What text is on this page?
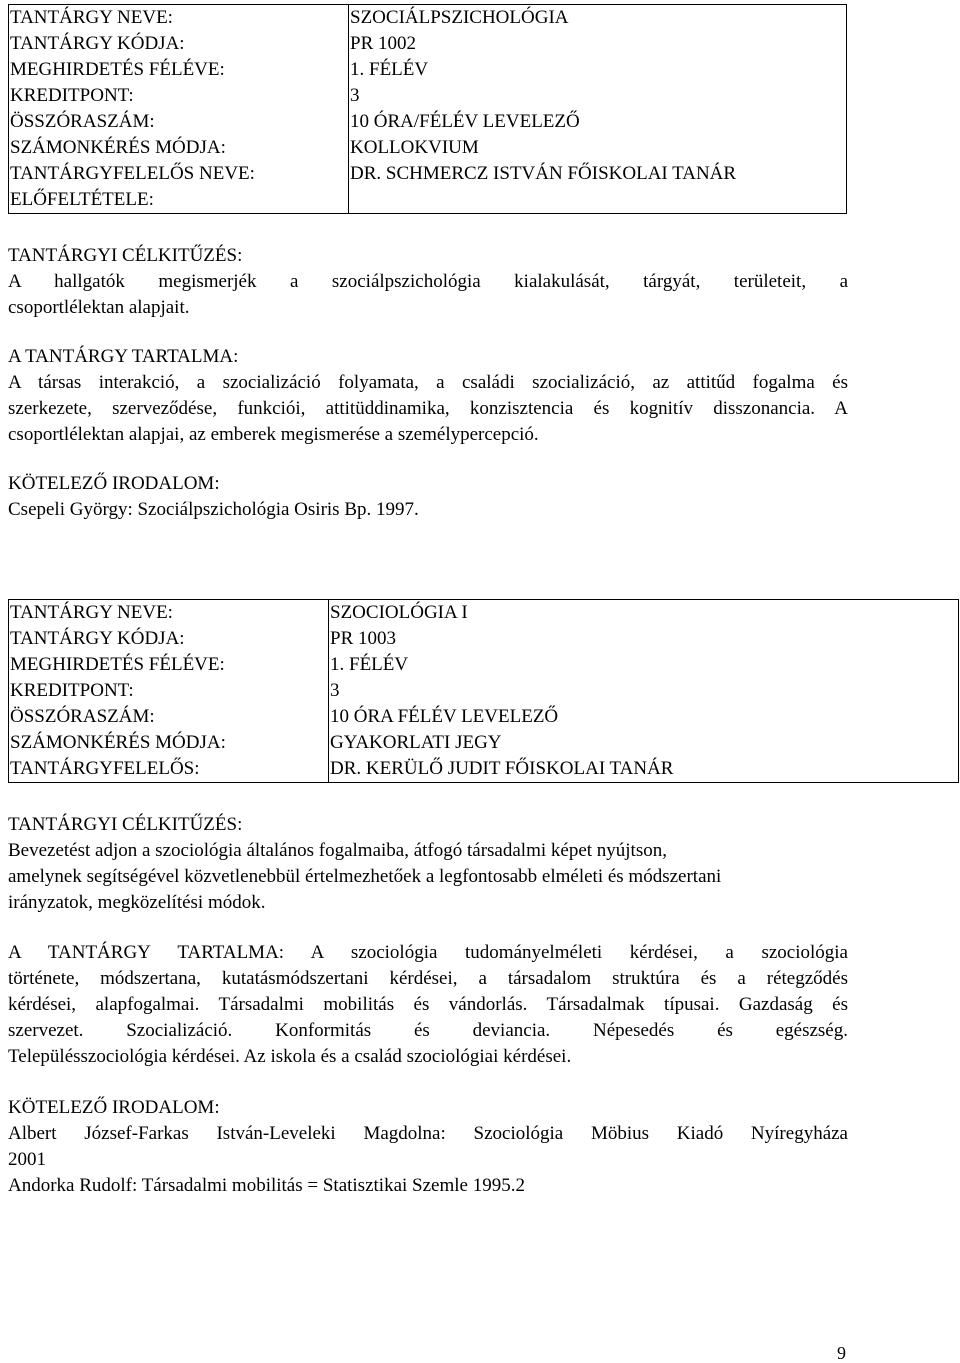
TANTÁRGY NEVE:	SZOCIÁLPSZICHOLÓGIA
TANTÁRGY KÓDJA:	PR 1002
MEGHIRDETÉS FÉLÉVE:	1. FÉLÉV
KREDITPONT:	3
ÖSSZÓRASZÁM:	10 ÓRA/FÉLÉV LEVELEZŐ
SZÁMONKÉRÉS MÓDJA:	KOLLOKVIUM
TANTÁRGYFELELŐS NEVE:	DR. SCHMERCZ ISTVÁN FŐISKOLAI TANÁR
ELŐFELTÉTELE:	
TANTÁRGYI CÉLKITŰZÉS:
A hallgatók megismerjék a szociálpszichológia kialakulását, tárgyát, területeit, a
csoportlélektan alapjait.
A TANTÁRGY TARTALMA:
A társas interakció, a szocializáció folyamata, a családi szocializáció, az attitűd fogalma és
szerkezete, szerveződése, funkciói, attitüddinamika, konzisztencia és kognitív disszonancia. A
csoportlélektan alapjai, az emberek megismerése a személypercepció.
KÖTELEZŐ IRODALOM:
Csepeli György: Szociálpszichológia Osiris Bp. 1997.
TANTÁRGY NEVE:	SZOCIOLÓGIA I
TANTÁRGY KÓDJA:	PR 1003
MEGHIRDETÉS FÉLÉVE:	1. FÉLÉV
KREDITPONT:	3
ÖSSZÓRASZÁM:	10 ÓRA FÉLÉV LEVELEZŐ
SZÁMONKÉRÉS MÓDJA:	GYAKORLATI JEGY
TANTÁRGYFELELŐS:	DR. KERÜLŐ JUDIT FŐISKOLAI TANÁR
TANTÁRGYI CÉLKITŰZÉS:
Bevezetést adjon a szociológia általános fogalmaiba, átfogó társadalmi képet nyújtson,
amelynek segítségével közvetlenebbül értelmezhetőek a legfontosabb elméleti és módszertani
irányzatok, megközelítési módok.
A TANTÁRGY TARTALMA: A szociológia tudományelméleti kérdései, a szociológia
története, módszertana, kutatásmódszertani kérdései, a társadalom struktúra és a rétegződés
kérdései, alapfogalmai. Társadalmi mobilitás és vándorlás. Társadalmak típusai. Gazdaság és
szervezet. Szocializáció. Konformitás és deviancia. Népesedés és egészség.
Településszociológia kérdései. Az iskola és a család szociológiai kérdései.
KÖTELEZŐ IRODALOM:
Albert József-Farkas István-Leveleki Magdolna: Szociológia Möbius Kiadó Nyíregyháza
2001
Andorka Rudolf: Társadalmi mobilitás = Statisztikai Szemle 1995.2
9
